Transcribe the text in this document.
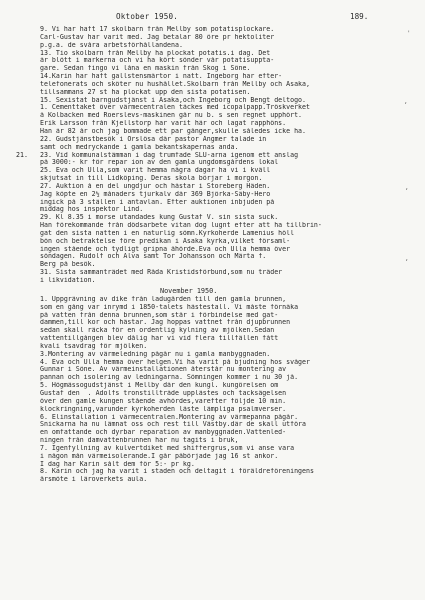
Oktober 1950.	189.
21.
'
,
,
,
9. Vi har haft 17 skolbarn från Mellby som potatisplockare.
Carl-Gustav har varit med. Jag betalar 80 öre pr hektoliter
p.g.a. de svåra arbetsförhållandena.
13. Tio skolbarn från Mellby ha plockat potatis.i dag. Det
är blött i markerna och vi ha kört sönder vår potatisuppta-
gare. Sedan fingo vi låna en maskin från Skog i Söne.
14.Karin har haft gallstensmärtor i natt. Ingeborg har efter-
telefonerats och sköter nu hushållet.Skolbarn från Mellby och Åsaka,
tillsammans 27 st ha plockat upp den sista potatisen.
15. Sexistat barngudstjänst i Åsaka,och Ingeborg och Bengt deltogo.
1. Cementtaket över värmecentralen täckes med icopalpapp.Tröskverket
å Kolbacken med Roerslevs-maskinen går nu b. s sen regnet upphört.
Erik Larsson från Kjellstorp har varit här och lagat rapphöns.
Han är 82 år och jag bommade ett par gånger,skulle således icke ha.
22. Gudstjänstbesök i Örslösa där pastor Ångmer talade in
samt och medryckande i gamla bekantskapernas anda.
23. Vid kommunalstämman i dag trumfade SLU-arna igenom ett anslag
på 3000:- kr för repar ion av den gamla ungdomsgårdens lokal
25. Eva och Ulla,som varit hemma några dagar ha vi i kväll
skjutsat in till Lidköping. Deras skola börjar i morgon.
27. Auktion å en del ungdjur och hästar i Storeberg Häden.
Jag köpte en 2½ månaders tjurkalv där 369 Björka-Säby-Hero
ingick på 3 ställen i antavlan. Efter auktionen inbjuden på
middag hos inspektor Lind.
29. Kl 8.35 i morse utandades kung Gustaf V. sin sista suck.
Han förekommande från dödsarbete vitan dog lugnt efter att ha tillbrin-
gat den sista natten i en naturlig sömn.Kyrkoherde Lamenius höll
bön och betraktelse före predikan i Åsaka kyrka,vilket församl-
ingen stående och tydligt gripna åhörde.Eva och Ulla hemma över
söndagen. Rudolf och Alva samt Tor Johansson och Märta f.
Berg på besök.
31. Sista sammanträdet med Råda Kristidsförbund,som nu träder
i likvidation.
November 1950.
1. Uppgrävning av dike från ladugården till den gamla brunnen,
som en gång var inrymd i 1850-talets hästestall. Vi måste förnäka
på vatten från denna brunnen,som står i förbindelse med gat-
dammen,till kor och hästar. Jag hoppas vattnet från djupbrunnen
sedan skall räcka för en ordentlig kylning av mjölken.Sedan
vattentillgången blev dålig har vi vid flera tillfällen fått
kvali tsavdrag för mjölken.
3.Montering av värmeledning pågår nu i gamla manbyggnaden.
4. Eva och Ulla hemma över helgen.Vi ha varit på bjudning hos svåger
Gunnar i Söne. Av värmeinstallationen återstår nu montering av
pannan och isolering av ledningarna. Sömningen kommer i nu 30 jå.
5. Högmässogudstjänst i Mellby där den kungl. kungörelsen om
Gustaf den  . Adolfs tronstillträde upplästes och tacksägelsen
över den gamle kungen stående avhördes,varefter följde 10 min.
klockringning,varunder kyrkoherden läste lämpliga psalmverser.
6. Elinstallation i värmecentralen.Montering av värmepanna pågår.
Snickarna ha nu lämnat oss och rest till Västby.där de skall utföra
en omfattande och dyrbar reparation av manbyggnaden.Vattenled-
ningen från damvattenbrunnen har nu tagits i bruk,
7. Igenfyllning av kulvertdiket med shiffergrus,som vi anse vara
i någon mån värmeisolerande.I går påbörjade jag 16 st ankor.
I dag har Karin sålt dem för 5:- pr kg.
8. Karin och jag ha varit i staden och deltagit i föräldreföreningens
årsmöte i läroverkets aula.
